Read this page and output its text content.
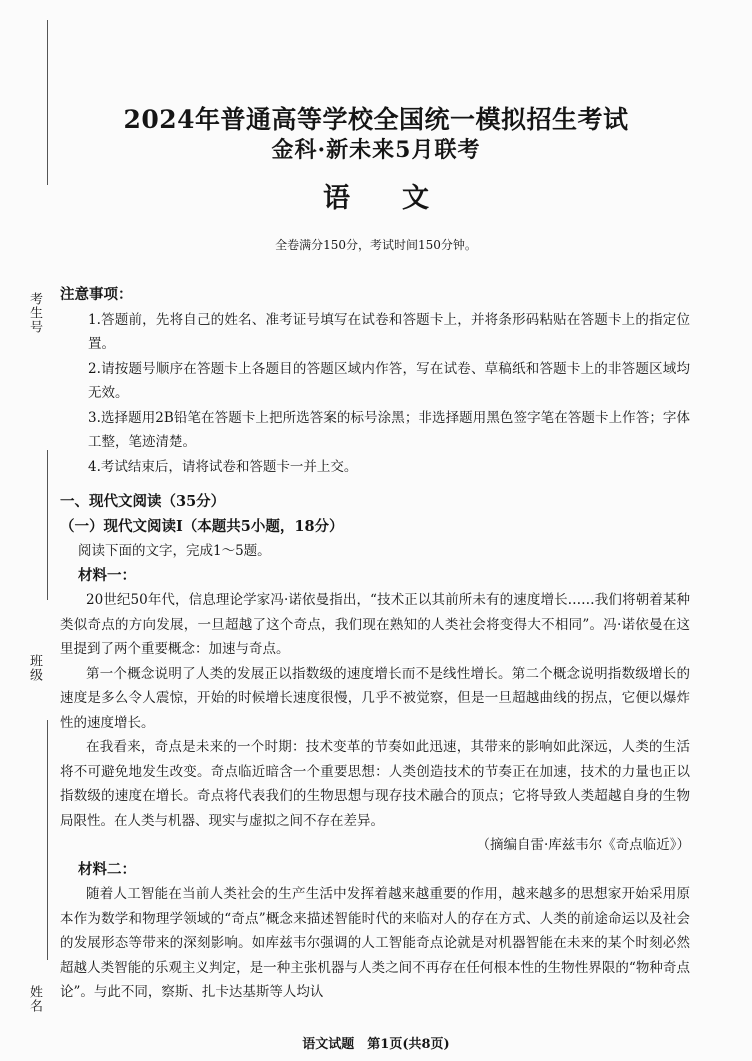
考生号
班级
姓名
2024年普通高等学校全国统一模拟招生考试
金科·新未来5月联考
语文
全卷满分150分，考试时间150分钟。
注意事项：
1.答题前，先将自己的姓名、准考证号填写在试卷和答题卡上，并将条形码粘贴在答题卡上的指定位置。
2.请按题号顺序在答题卡上各题目的答题区域内作答，写在试卷、草稿纸和答题卡上的非答题区域均无效。
3.选择题用2B铅笔在答题卡上把所选答案的标号涂黑；非选择题用黑色签字笔在答题卡上作答；字体工整，笔迹清楚。
4.考试结束后，请将试卷和答题卡一并上交。
一、现代文阅读（35分）
（一）现代文阅读Ⅰ（本题共5小题，18分）
阅读下面的文字，完成1～5题。
材料一：

20世纪50年代，信息理论学家冯·诺依曼指出，“技术正以其前所未有的速度增长……我们将朝着某种类似奇点的方向发展，一旦超越了这个奇点，我们现在熟知的人类社会将变得大不相同”。冯·诺依曼在这里提到了两个重要概念：加速与奇点。

第一个概念说明了人类的发展正以指数级的速度增长而不是线性增长。第二个概念说明指数级增长的速度是多么令人震惊，开始的时候增长速度很慢，几乎不被觉察，但是一旦超越曲线的拐点，它便以爆炸性的速度增长。

在我看来，奇点是未来的一个时期：技术变革的节奏如此迅速，其带来的影响如此深远，人类的生活将不可避免地发生改变。奇点临近暗含一个重要思想：人类创造技术的节奏正在加速，技术的力量也正以指数级的速度在增长。奇点将代表我们的生物思想与现存技术融合的顶点；它将导致人类超越自身的生物局限性。在人类与机器、现实与虚拟之间不存在差异。

（摘编自雷·库兹韦尔《奇点临近》）

材料二：

随着人工智能在当前人类社会的生产生活中发挥着越来越重要的作用，越来越多的思想家开始采用原本作为数学和物理学领域的“奇点”概念来描述智能时代的来临对人的存在方式、人类的前途命运以及社会的发展形态等带来的深刻影响。如库兹韦尔强调的人工智能奇点论就是对机器智能在未来的某个时刻必然超越人类智能的乐观主义判定，是一种主张机器与人类之间不再存在任何根本性的生物性界限的“物种奇点论”。与此不同，察斯、扎卡达基斯等人均认

语文试题　第1页(共8页)
